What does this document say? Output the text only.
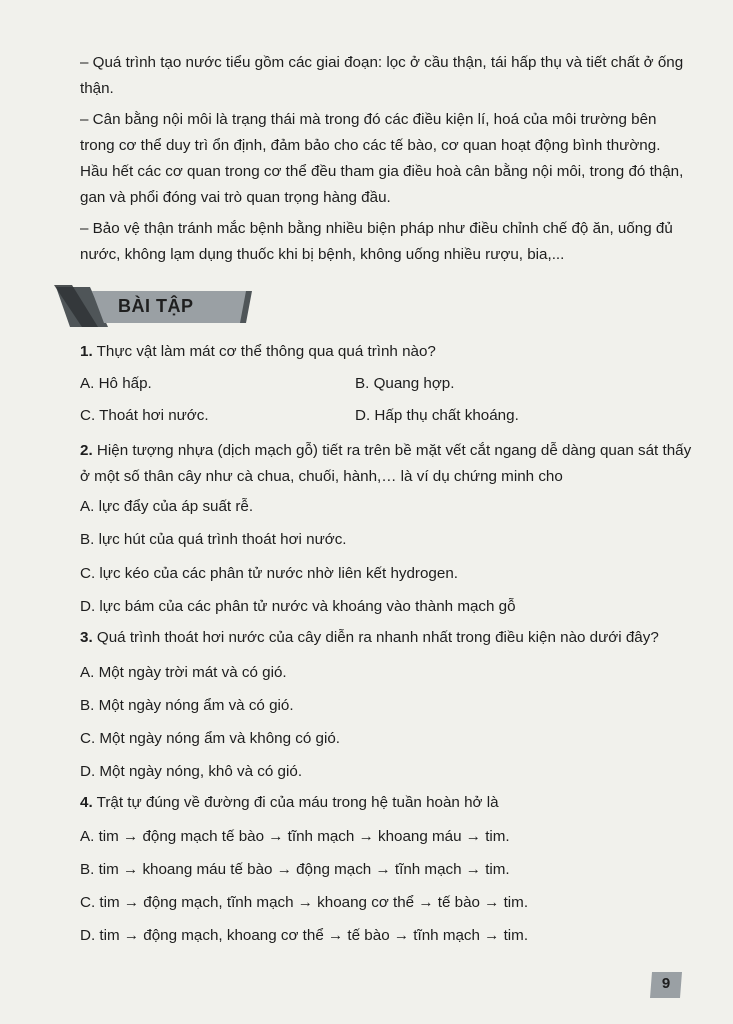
– Quá trình tạo nước tiểu gồm các giai đoạn: lọc ở cầu thận, tái hấp thụ và tiết chất ở ống thận.

– Cân bằng nội môi là trạng thái mà trong đó các điều kiện lí, hoá của môi trường bên trong cơ thể duy trì ổn định, đảm bảo cho các tế bào, cơ quan hoạt động bình thường. Hầu hết các cơ quan trong cơ thể đều tham gia điều hoà cân bằng nội môi, trong đó thận, gan và phổi đóng vai trò quan trọng hàng đầu.

– Bảo vệ thận tránh mắc bệnh bằng nhiều biện pháp như điều chỉnh chế độ ăn, uống đủ nước, không lạm dụng thuốc khi bị bệnh, không uống nhiều rượu, bia,...

BÀI TẬP

1. Thực vật làm mát cơ thể thông qua quá trình nào?

A. Hô hấp.	B. Quang hợp.

C. Thoát hơi nước.	D. Hấp thụ chất khoáng.

2. Hiện tượng nhựa (dịch mạch gỗ) tiết ra trên bề mặt vết cắt ngang dễ dàng quan sát thấy ở một số thân cây như cà chua, chuối, hành,… là ví dụ chứng minh cho

A. lực đẩy của áp suất rễ.

B. lực hút của quá trình thoát hơi nước.

C. lực kéo của các phân tử nước nhờ liên kết hydrogen.

D. lực bám của các phân tử nước và khoáng vào thành mạch gỗ

3. Quá trình thoát hơi nước của cây diễn ra nhanh nhất trong điều kiện nào dưới đây?

A. Một ngày trời mát và có gió.

B. Một ngày nóng ẩm và có gió.

C. Một ngày nóng ẩm và không có gió.

D. Một ngày nóng, khô và có gió.

4. Trật tự đúng về đường đi của máu trong hệ tuần hoàn hở là

A. tim → động mạch tế bào → tĩnh mạch → khoang máu → tim.

B. tim → khoang máu tế bào → động mạch → tĩnh mạch → tim.

C. tim → động mạch, tĩnh mạch → khoang cơ thể → tế bào → tim.

D. tim → động mạch, khoang cơ thể → tế bào → tĩnh mạch → tim.

9
